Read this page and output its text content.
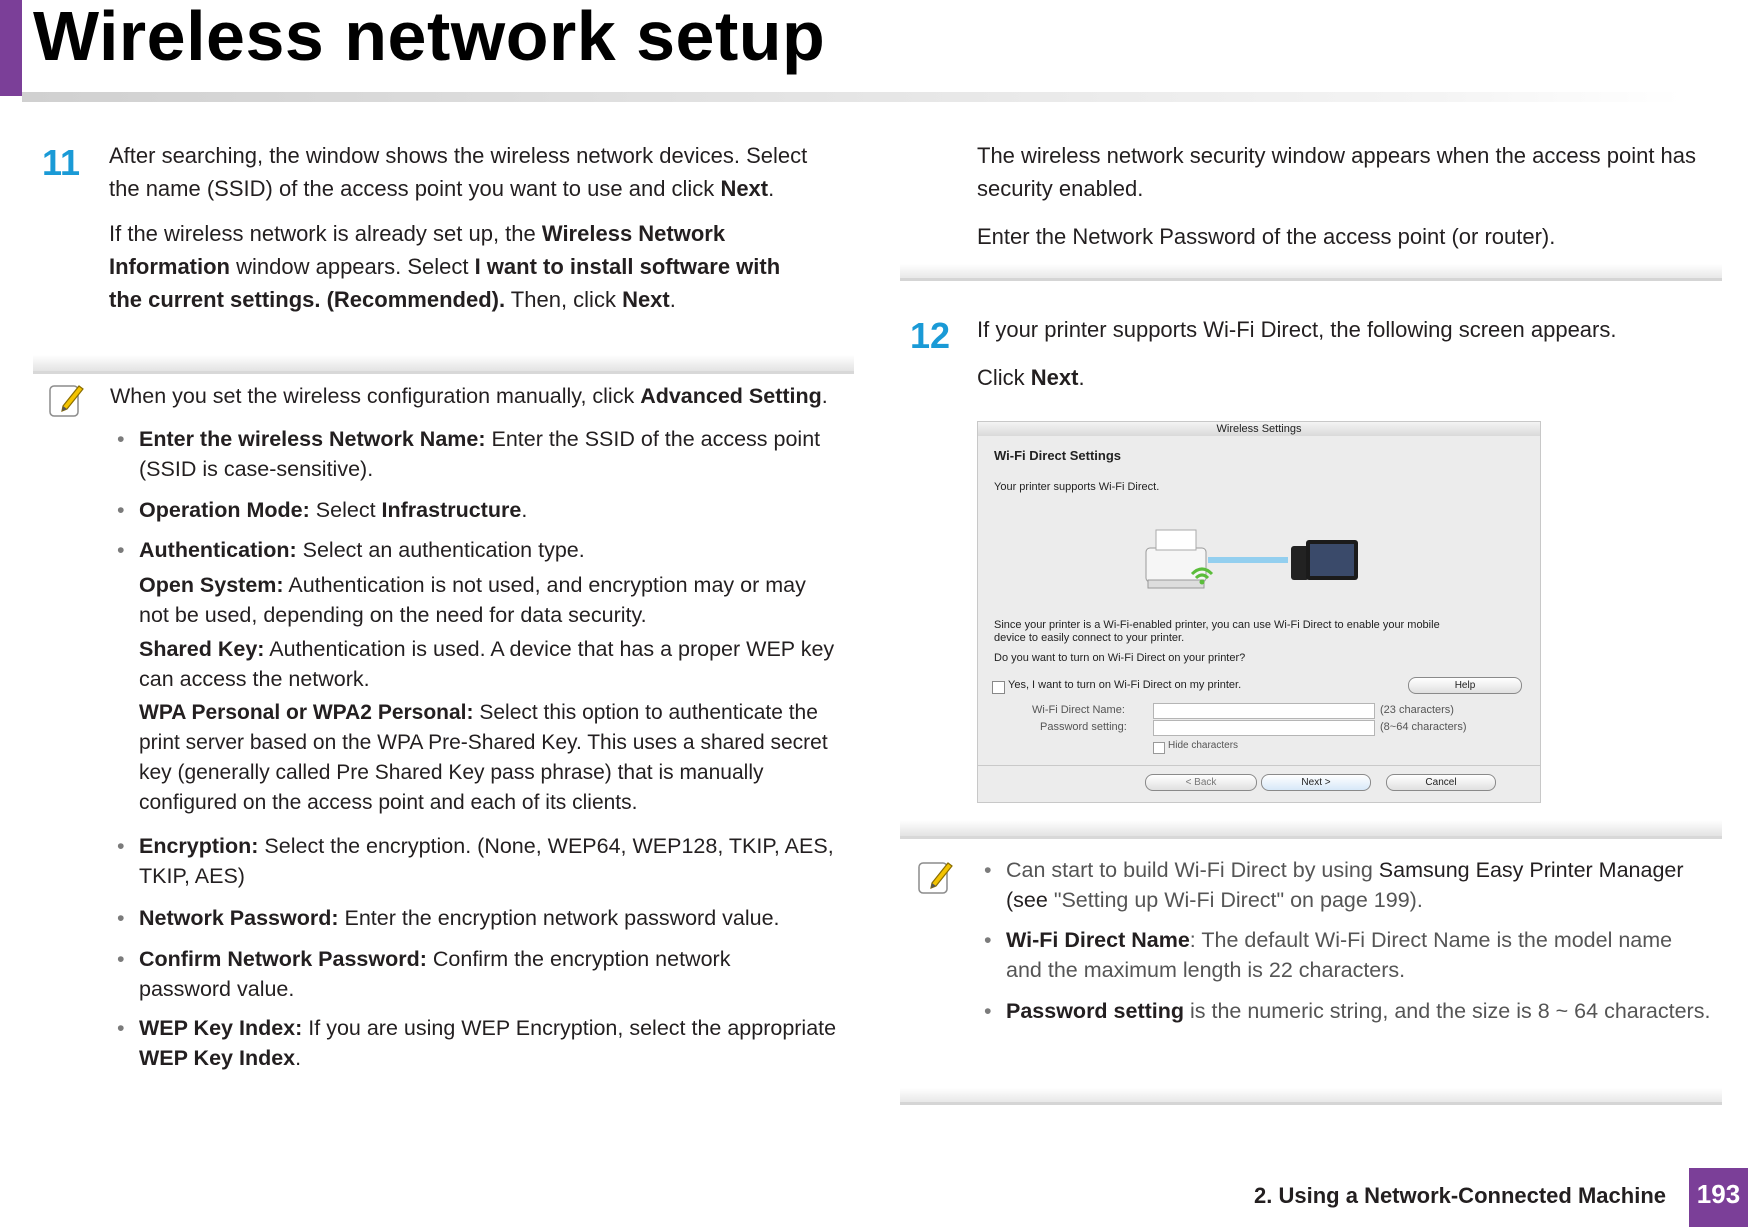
Wireless network setup
11 After searching, the window shows the wireless network devices. Select
the name (SSID) of the access point you want to use and click Next.
If the wireless network is already set up, the Wireless Network
Information window appears. Select I want to install software with
the current settings. (Recommended). Then, click Next.
When you set the wireless configuration manually, click Advanced Setting.
• Enter the wireless Network Name: Enter the SSID of the access point
(SSID is case-sensitive).
• Operation Mode: Select Infrastructure.
• Authentication: Select an authentication type.
Open System: Authentication is not used, and encryption may or may
not be used, depending on the need for data security.
Shared Key: Authentication is used. A device that has a proper WEP key
can access the network.
WPA Personal or WPA2 Personal: Select this option to authenticate the
print server based on the WPA Pre-Shared Key. This uses a shared secret
key (generally called Pre Shared Key pass phrase) that is manually
configured on the access point and each of its clients.
• Encryption: Select the encryption. (None, WEP64, WEP128, TKIP, AES,
TKIP, AES)
• Network Password: Enter the encryption network password value.
• Confirm Network Password: Confirm the encryption network
password value.
• WEP Key Index: If you are using WEP Encryption, select the appropriate
WEP Key Index.
The wireless network security window appears when the access point has
security enabled.
Enter the Network Password of the access point (or router).
12 If your printer supports Wi-Fi Direct, the following screen appears.
Click Next.
Wireless Settings
Wi-Fi Direct Settings
Your printer supports Wi-Fi Direct.
Since your printer is a Wi-Fi-enabled printer, you can use Wi-Fi Direct to enable your mobile
device to easily connect to your printer.
Do you want to turn on Wi-Fi Direct on your printer?
Yes, I want to turn on Wi-Fi Direct on my printer.	Help
Wi-Fi Direct Name:	(23 characters)
Password setting:	(8~64 characters)
Hide characters
< Back	Next >	Cancel
• Can start to build Wi-Fi Direct by using Samsung Easy Printer Manager
(see "Setting up Wi-Fi Direct" on page 199).
• Wi-Fi Direct Name: The default Wi-Fi Direct Name is the model name
and the maximum length is 22 characters.
• Password setting is the numeric string, and the size is 8 ~ 64 characters.
2. Using a Network-Connected Machine 193
